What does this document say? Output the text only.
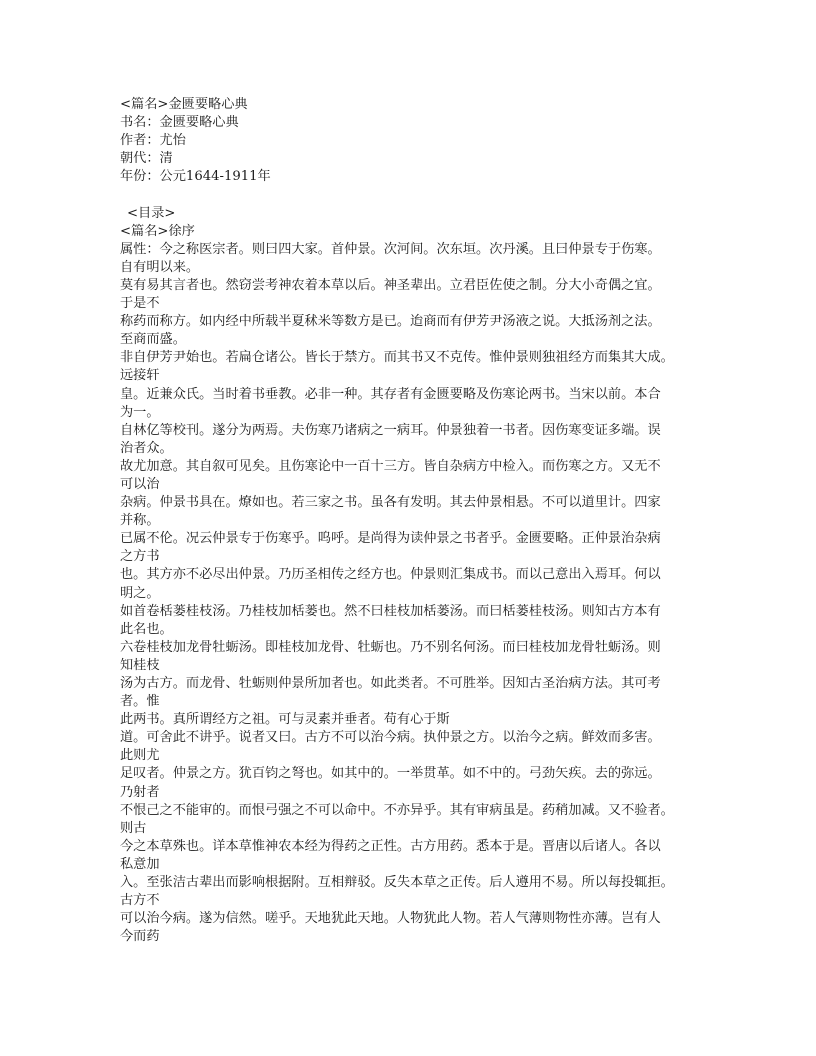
<篇名>金匮要略心典
书名：金匮要略心典
作者：尤怡
朝代：清
年份：公元1644-1911年
<目录>
<篇名>徐序
属性：今之称医宗者。则曰四大家。首仲景。次河间。次东垣。次丹溪。且曰仲景专于伤寒。
自有明以来。
莫有易其言者也。然窃尝考神农着本草以后。神圣辈出。立君臣佐使之制。分大小奇偶之宜。
于是不
称药而称方。如内经中所载半夏秫米等数方是已。迨商而有伊芳尹汤液之说。大抵汤剂之法。
至商而盛。
非自伊芳尹始也。若扁仓诸公。皆长于禁方。而其书又不克传。惟仲景则独祖经方而集其大成。
远接轩
皇。近兼众氏。当时着书垂教。必非一种。其存者有金匮要略及伤寒论两书。当宋以前。本合
为一。
自林亿等校刊。遂分为两焉。夫伤寒乃诸病之一病耳。仲景独着一书者。因伤寒变证多端。误
治者众。
故尤加意。其自叙可见矣。且伤寒论中一百十三方。皆自杂病方中检入。而伤寒之方。又无不
可以治
杂病。仲景书具在。燎如也。若三家之书。虽各有发明。其去仲景相悬。不可以道里计。四家
并称。
已属不伦。况云仲景专于伤寒乎。呜呼。是尚得为读仲景之书者乎。金匮要略。正仲景治杂病
之方书
也。其方亦不必尽出仲景。乃历圣相传之经方也。仲景则汇集成书。而以己意出入焉耳。何以
明之。
如首卷栝蒌桂枝汤。乃桂枝加栝蒌也。然不曰桂枝加栝蒌汤。而曰栝蒌桂枝汤。则知古方本有
此名也。
六卷桂枝加龙骨牡蛎汤。即桂枝加龙骨、牡蛎也。乃不别名何汤。而曰桂枝加龙骨牡蛎汤。则
知桂枝
汤为古方。而龙骨、牡蛎则仲景所加者也。如此类者。不可胜举。因知古圣治病方法。其可考
者。惟
此两书。真所谓经方之祖。可与灵素并垂者。苟有心于斯
道。可舍此不讲乎。说者又曰。古方不可以治今病。执仲景之方。以治今之病。鲜效而多害。
此则尤
足叹者。仲景之方。犹百钧之弩也。如其中的。一举贯革。如不中的。弓劲矢疾。去的弥远。
乃射者
不恨己之不能审的。而恨弓强之不可以命中。不亦异乎。其有审病虽是。药稍加减。又不验者。
则古
今之本草殊也。详本草惟神农本经为得药之正性。古方用药。悉本于是。晋唐以后诸人。各以
私意加
入。至张洁古辈出而影响根据附。互相辩驳。反失本草之正传。后人遵用不易。所以每投辄拒。
古方不
可以治今病。遂为信然。嗟乎。天地犹此天地。人物犹此人物。若人气薄则物性亦薄。岂有人
今而药
